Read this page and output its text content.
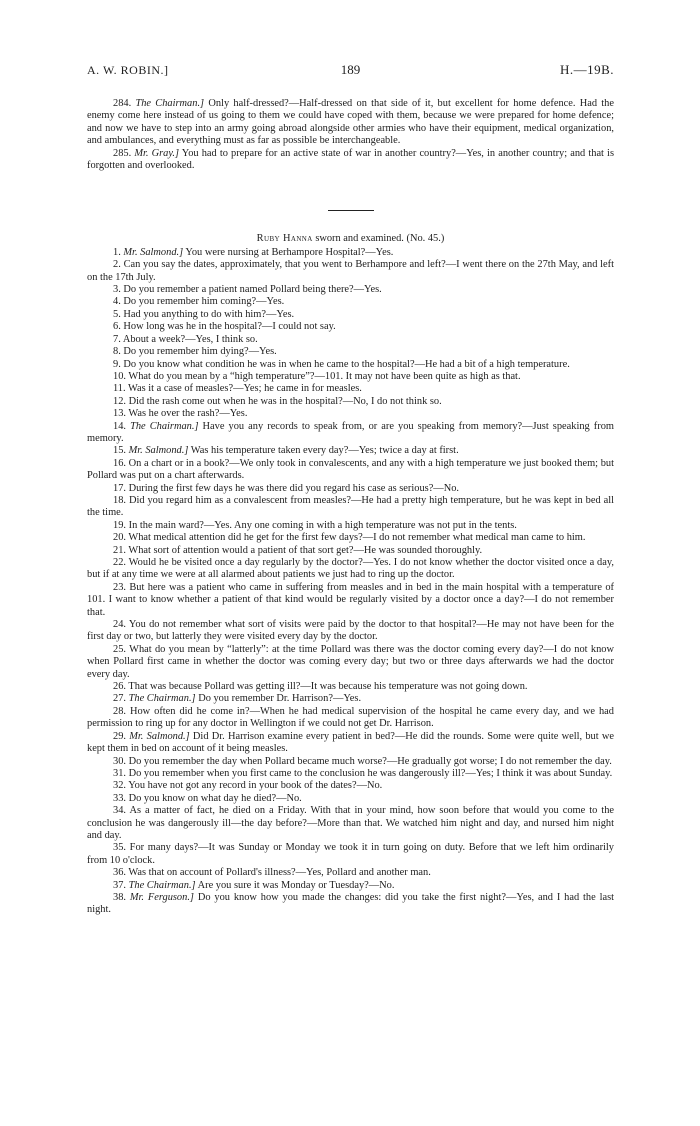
A. W. ROBIN.]	189	H.—19B.

284. The Chairman.] Only half-dressed?—Half-dressed on that side of it, but excellent for home defence. Had the enemy come here instead of us going to them we could have coped with them, because we were prepared for home defence; and now we have to step into an army going abroad alongside other armies who have their equipment, medical organization, and ambulances, and everything must as far as possible be interchangeable.

285. Mr. Gray.] You had to prepare for an active state of war in another country?—Yes, in another country; and that is forgotten and overlooked.

Ruby Hanna sworn and examined. (No. 45.)

1. Mr. Salmond.] You were nursing at Berhampore Hospital?—Yes.

2. Can you say the dates, approximately, that you went to Berhampore and left?—I went there on the 27th May, and left on the 17th July.

3. Do you remember a patient named Pollard being there?—Yes.

4. Do you remember him coming?—Yes.

5. Had you anything to do with him?—Yes.

6. How long was he in the hospital?—I could not say.

7. About a week?—Yes, I think so.

8. Do you remember him dying?—Yes.

9. Do you know what condition he was in when he came to the hospital?—He had a bit of a high temperature.

10. What do you mean by a “high temperature”?—101. It may not have been quite as high as that.

11. Was it a case of measles?—Yes; he came in for measles.

12. Did the rash come out when he was in the hospital?—No, I do not think so.

13. Was he over the rash?—Yes.

14. The Chairman.] Have you any records to speak from, or are you speaking from memory?—Just speaking from memory.

15. Mr. Salmond.] Was his temperature taken every day?—Yes; twice a day at first.

16. On a chart or in a book?—We only took in convalescents, and any with a high temperature we just booked them; but Pollard was put on a chart afterwards.

17. During the first few days he was there did you regard his case as serious?—No.

18. Did you regard him as a convalescent from measles?—He had a pretty high temperature, but he was kept in bed all the time.

19. In the main ward?—Yes. Any one coming in with a high temperature was not put in the tents.

20. What medical attention did he get for the first few days?—I do not remember what medical man came to him.

21. What sort of attention would a patient of that sort get?—He was sounded thoroughly.

22. Would he be visited once a day regularly by the doctor?—Yes. I do not know whether the doctor visited once a day, but if at any time we were at all alarmed about patients we just had to ring up the doctor.

23. But here was a patient who came in suffering from measles and in bed in the main hospital with a temperature of 101. I want to know whether a patient of that kind would be regularly visited by a doctor once a day?—I do not remember that.

24. You do not remember what sort of visits were paid by the doctor to that hospital?—He may not have been for the first day or two, but latterly they were visited every day by the doctor.

25. What do you mean by “latterly”: at the time Pollard was there was the doctor coming every day?—I do not know when Pollard first came in whether the doctor was coming every day; but two or three days afterwards we had the doctor every day.

26. That was because Pollard was getting ill?—It was because his temperature was not going down.

27. The Chairman.] Do you remember Dr. Harrison?—Yes.

28. How often did he come in?—When he had medical supervision of the hospital he came every day, and we had permission to ring up for any doctor in Wellington if we could not get Dr. Harrison.

29. Mr. Salmond.] Did Dr. Harrison examine every patient in bed?—He did the rounds. Some were quite well, but we kept them in bed on account of it being measles.

30. Do you remember the day when Pollard became much worse?—He gradually got worse; I do not remember the day.

31. Do you remember when you first came to the conclusion he was dangerously ill?—Yes; I think it was about Sunday.

32. You have not got any record in your book of the dates?—No.

33. Do you know on what day he died?—No.

34. As a matter of fact, he died on a Friday. With that in your mind, how soon before that would you come to the conclusion he was dangerously ill—the day before?—More than that. We watched him night and day, and nursed him night and day.

35. For many days?—It was Sunday or Monday we took it in turn going on duty. Before that we left him ordinarily from 10 o'clock.

36. Was that on account of Pollard's illness?—Yes, Pollard and another man.

37. The Chairman.] Are you sure it was Monday or Tuesday?—No.

38. Mr. Ferguson.] Do you know how you made the changes: did you take the first night?—Yes, and I had the last night.
